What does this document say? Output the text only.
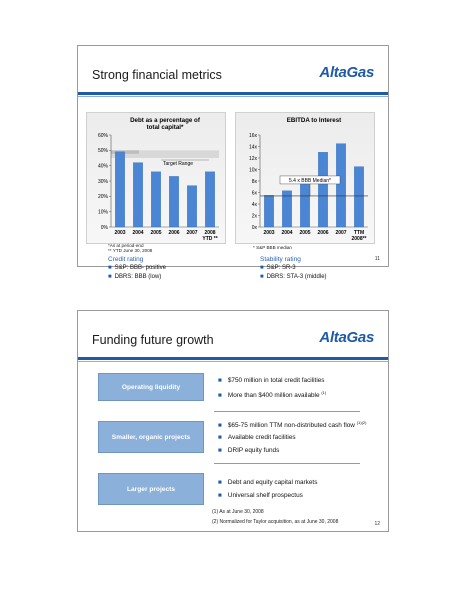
Strong financial metrics	AltaGas
Debt as a percentage of
total capital*
Target Range
0%
10%
20%
30%
40%
50%
60%
2003 2004 2005 2006 2007 2008
YTD **
*As at period-end
** YTD June 30, 2008
EBITDA to Interest
0x
2x
4x
6x
8x
10x
12x
14x
16x
2003 2004 2005 2006 2007 TTM
2008**
5.4 x BBB Median*
* S&P BBB median
Credit rating
■ S&P: BBB- positive
■ DBRS: BBB (low)
Stability rating
■ S&P: SR-3
■ DBRS: STA-3 (middle)
11
Funding future growth	AltaGas
Operating liquidity
■ $750 million in total credit facilities
■ More than $400 million available $^{(1)}$
Smaller, organic projects
■ $65-75 million TTM non-distributed cash flow $^{(1)(2)}$
■ Available credit facilities
■ DRIP equity funds
Larger projects
■ Debt and equity capital markets
■ Universal shelf prospectus
(1) As at June 30, 2008
(2) Normalized for Taylor acquisition, as at June 30, 2008	12
